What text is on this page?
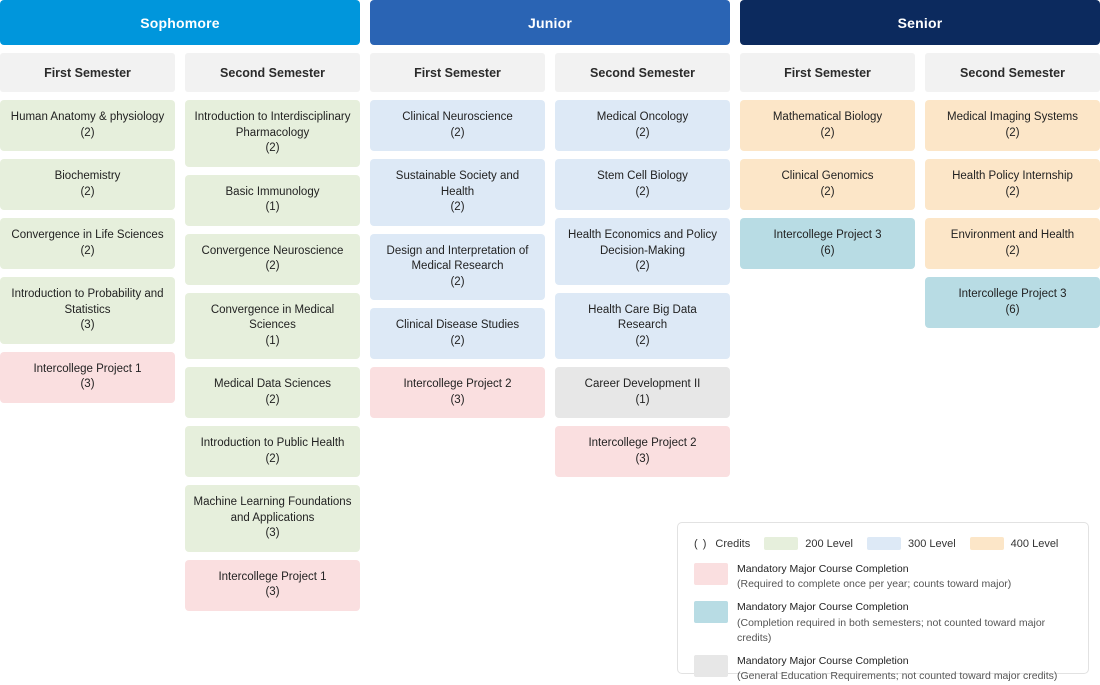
Sophomore	Junior	Senior
First Semester	Second Semester	First Semester	Second Semester	First Semester	Second Semester
Human Anatomy & physiology
(2)
Biochemistry
(2)
Convergence in Life Sciences
(2)
Introduction to Probability and Statistics
(3)
Intercollege Project 1
(3)
Introduction to Interdisciplinary Pharmacology
(2)
Basic Immunology
(1)
Convergence Neuroscience
(2)
Convergence in Medical Sciences
(1)
Medical Data Sciences
(2)
Introduction to Public Health
(2)
Machine Learning Foundations and Applications
(3)
Intercollege Project 1
(3)
Clinical Neuroscience
(2)
Sustainable Society and Health
(2)
Design and Interpretation of Medical Research
(2)
Clinical Disease Studies
(2)
Intercollege Project 2
(3)
Medical Oncology
(2)
Stem Cell Biology
(2)
Health Economics and Policy Decision-Making
(2)
Health Care Big Data Research
(2)
Career Development II
(1)
Intercollege Project 2
(3)
Mathematical Biology
(2)
Clinical Genomics
(2)
Intercollege Project 3
(6)
Medical Imaging Systems
(2)
Health Policy Internship
(2)
Environment and Health
(2)
Intercollege Project 3
(6)
( ) Credits	200 Level	300 Level	400 Level
Mandatory Major Course Completion
(Required to complete once per year; counts toward major)
Mandatory Major Course Completion
(Completion required in both semesters; not counted toward major credits)
Mandatory Major Course Completion
(General Education Requirements; not counted toward major credits)
